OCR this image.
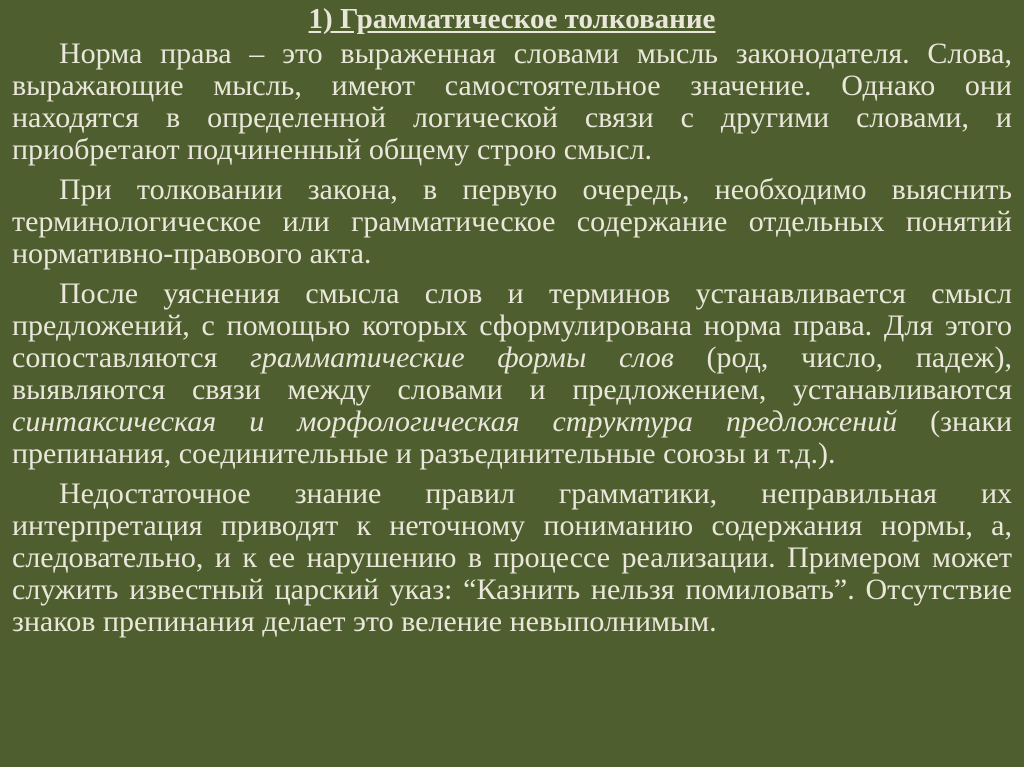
1) Грамматическое толкование

Норма права – это выраженная словами мысль законодателя. Слова, выражающие мысль, имеют самостоятельное значение. Однако они находятся в определенной логической связи с другими словами, и приобретают подчиненный общему строю смысл.

При толковании закона, в первую очередь, необходимо выяснить терминологическое или грамматическое содержание отдельных понятий нормативно-правового акта.

После уяснения смысла слов и терминов устанавливается смысл предложений, с помощью которых сформулирована норма права. Для этого сопоставляются грамматические формы слов (род, число, падеж), выявляются связи между словами и предложением, устанавливаются синтаксическая и морфологическая структура предложений (знаки препинания, соединительные и разъединительные союзы и т.д.).

Недостаточное знание правил грамматики, неправильная их интерпретация приводят к неточному пониманию содержания нормы, а, следовательно, и к ее нарушению в процессе реализации. Примером может служить известный царский указ: “Казнить нельзя помиловать”. Отсутствие знаков препинания делает это веление невыполнимым.
